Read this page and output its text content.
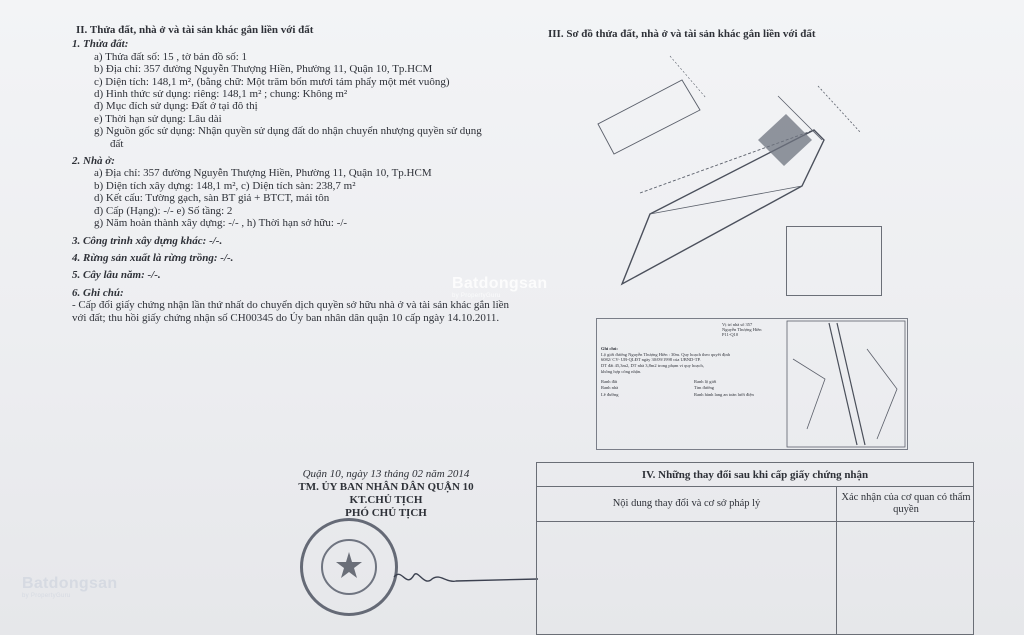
II. Thửa đất, nhà ở và tài sản khác gắn liền với đất
1. Thửa đất:
a) Thửa đất số: 15 , tờ bản đồ số: 1
b) Địa chỉ: 357 đường Nguyễn Thượng Hiền, Phường 11, Quận 10, Tp.HCM
c) Diện tích: 148,1 m², (bằng chữ: Một trăm bốn mươi tám phẩy một mét vuông)
d) Hình thức sử dụng: riêng: 148,1 m² ; chung: Không m²
đ) Mục đích sử dụng: Đất ở tại đô thị
e) Thời hạn sử dụng: Lâu dài
g) Nguồn gốc sử dụng: Nhận quyền sử dụng đất do nhận chuyển nhượng quyền sử dụng
đất
2. Nhà ở:
a) Địa chỉ: 357 đường Nguyễn Thượng Hiền, Phường 11, Quận 10, Tp.HCM
b) Diện tích xây dựng: 148,1 m², c) Diện tích sàn: 238,7 m²
d) Kết cấu: Tường gạch, sàn BT giả + BTCT, mái tôn
đ) Cấp (Hạng): -/- e) Số tầng: 2
g) Năm hoàn thành xây dựng: -/- , h) Thời hạn sở hữu: -/-
3. Công trình xây dựng khác: -/-.
4. Rừng sản xuất là rừng trồng: -/-.
5. Cây lâu năm: -/-.
6. Ghi chú:
- Cấp đổi giấy chứng nhận lần thứ nhất do chuyển dịch quyền sở hữu nhà ở và tài sản khác gắn liền với đất; thu hồi giấy chứng nhận số CH00345 do Ủy ban nhân dân quận 10 cấp ngày 14.10.2011.
Quận 10, ngày 13 tháng 02 năm 2014
TM. ỦY BAN NHÂN DÂN QUẬN 10
KT.CHỦ TỊCH
PHÓ CHỦ TỊCH
III. Sơ đồ thửa đất, nhà ở và tài sản khác gắn liền với đất
Vị trí nhà số 357
Nguyễn Thượng Hiền
P11-Q10
Ghi chú:
Lộ giới đường Nguyễn Thượng Hiền : 30m. Quy hoạch theo quyết định
6082/ CV- UB-QLĐT ngày 30/09/1998 của UBND-TP.
DT đất 45,3m2, DT nhà 3,8m2 trong phạm vi quy hoạch,
không hợp công nhận.
Ranh đất	Ranh lộ giới
Ranh nhà	Tim đường
Lề đường	Ranh hành lang an toàn lưới điện
IV. Những thay đổi sau khi cấp giấy chứng nhận
Nội dung thay đổi và cơ sở pháp lý
Xác nhận của cơ quan có thẩm quyền
Batdongsan
by PropertyGuru
Batdongsan
by PropertyGuru
